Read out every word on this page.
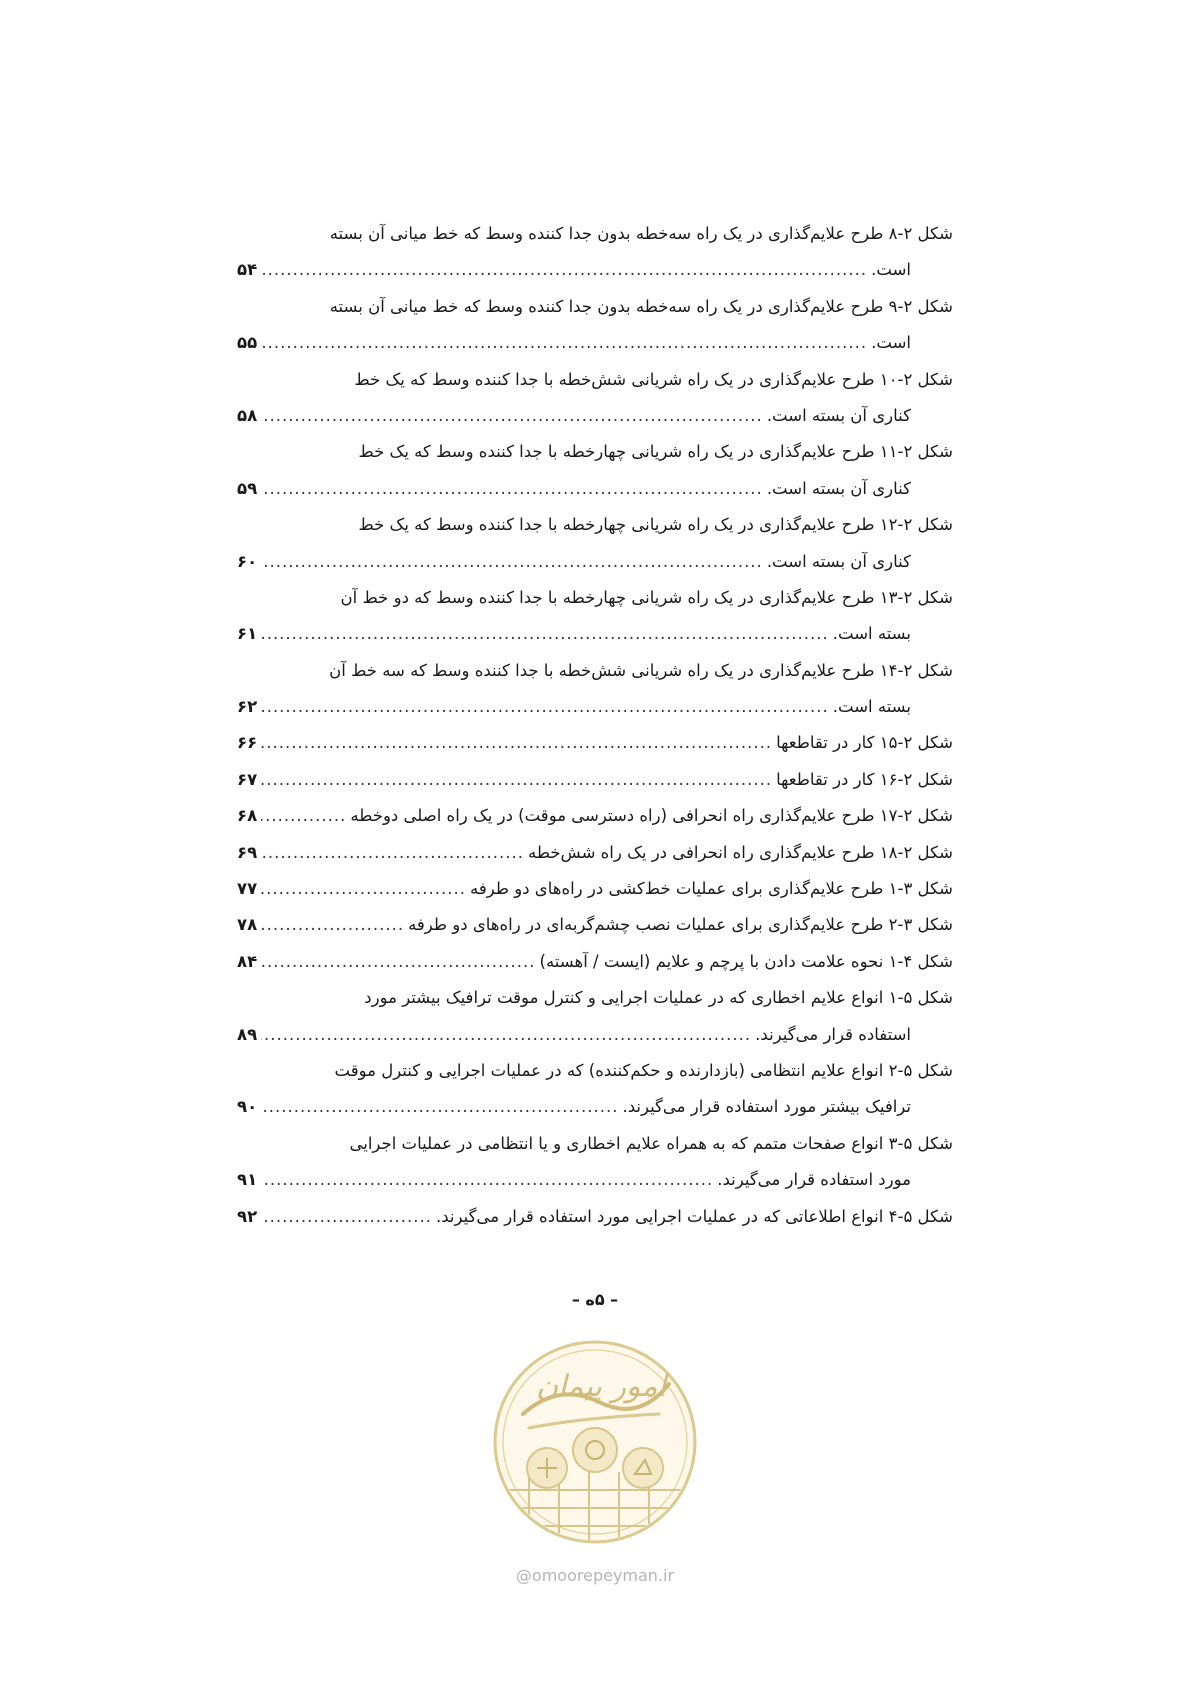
شکل ۲-۸ طرح علایم‌گذاری در یک راه سه‌خطه بدون جدا کننده وسط که خط میانی آن بسته
است.
.....
۵۴
شکل ۲-۹ طرح علایم‌گذاری در یک راه سه‌خطه بدون جدا کننده وسط که خط میانی آن بسته
است.
.....
۵۵
شکل ۲-۱۰ طرح علایم‌گذاری در یک راه شریانی شش‌خطه با جدا کننده وسط که یک خط
کناری آن بسته است.
.....
۵۸
شکل ۲-۱۱ طرح علایم‌گذاری در یک راه شریانی چهارخطه با جدا کننده وسط که یک خط
کناری آن بسته است.
.....
۵۹
شکل ۲-۱۲ طرح علایم‌گذاری در یک راه شریانی چهارخطه با جدا کننده وسط که یک خط
کناری آن بسته است.
.....
۶۰
شکل ۲-۱۳ طرح علایم‌گذاری در یک راه شریانی چهارخطه با جدا کننده وسط که دو خط آن
بسته است.
.....
۶۱
شکل ۲-۱۴ طرح علایم‌گذاری در یک راه شریانی شش‌خطه با جدا کننده وسط که سه خط آن
بسته است.
.....
۶۲
شکل ۲-۱۵ کار در تقاطعها
.....
۶۶
شکل ۲-۱۶ کار در تقاطعها
.....
۶۷
شکل ۲-۱۷ طرح علایم‌گذاری راه انحرافی (راه دسترسی موقت) در یک راه اصلی دوخطه
.....
۶۸
شکل ۲-۱۸ طرح علایم‌گذاری راه انحرافی در یک راه شش‌خطه
.....
۶۹
شکل ۳-۱ طرح علایم‌گذاری برای عملیات خط‌کشی در راه‌های دو طرفه
.....
۷۷
شکل ۳-۲ طرح علایم‌گذاری برای عملیات نصب چشم‌گربه‌ای در راه‌های دو طرفه
.....
۷۸
شکل ۴-۱ نحوه علامت دادن با پرچم و علایم (ایست / آهسته)
.....
۸۴
شکل ۵-۱ انواع علایم اخطاری که در عملیات اجرایی و کنترل موقت ترافیک بیشتر مورد
استفاده قرار می‌گیرند.
.....
۸۹
شکل ۵-۲ انواع علایم انتظامی (بازدارنده و حکم‌کننده) که در عملیات اجرایی و کنترل موقت
ترافیک بیشتر مورد استفاده قرار می‌گیرند.
.....
۹۰
شکل ۵-۳ انواع صفحات متمم که به همراه علایم اخطاری و یا انتظامی در عملیات اجرایی
مورد استفاده قرار می‌گیرند.
.....
۹۱
شکل ۵-۴ انواع اطلاعاتی که در عملیات اجرایی مورد استفاده قرار می‌گیرند.
.....
۹۲
– ۵ه –
امور پیمان
@omoorepeyman.ir
